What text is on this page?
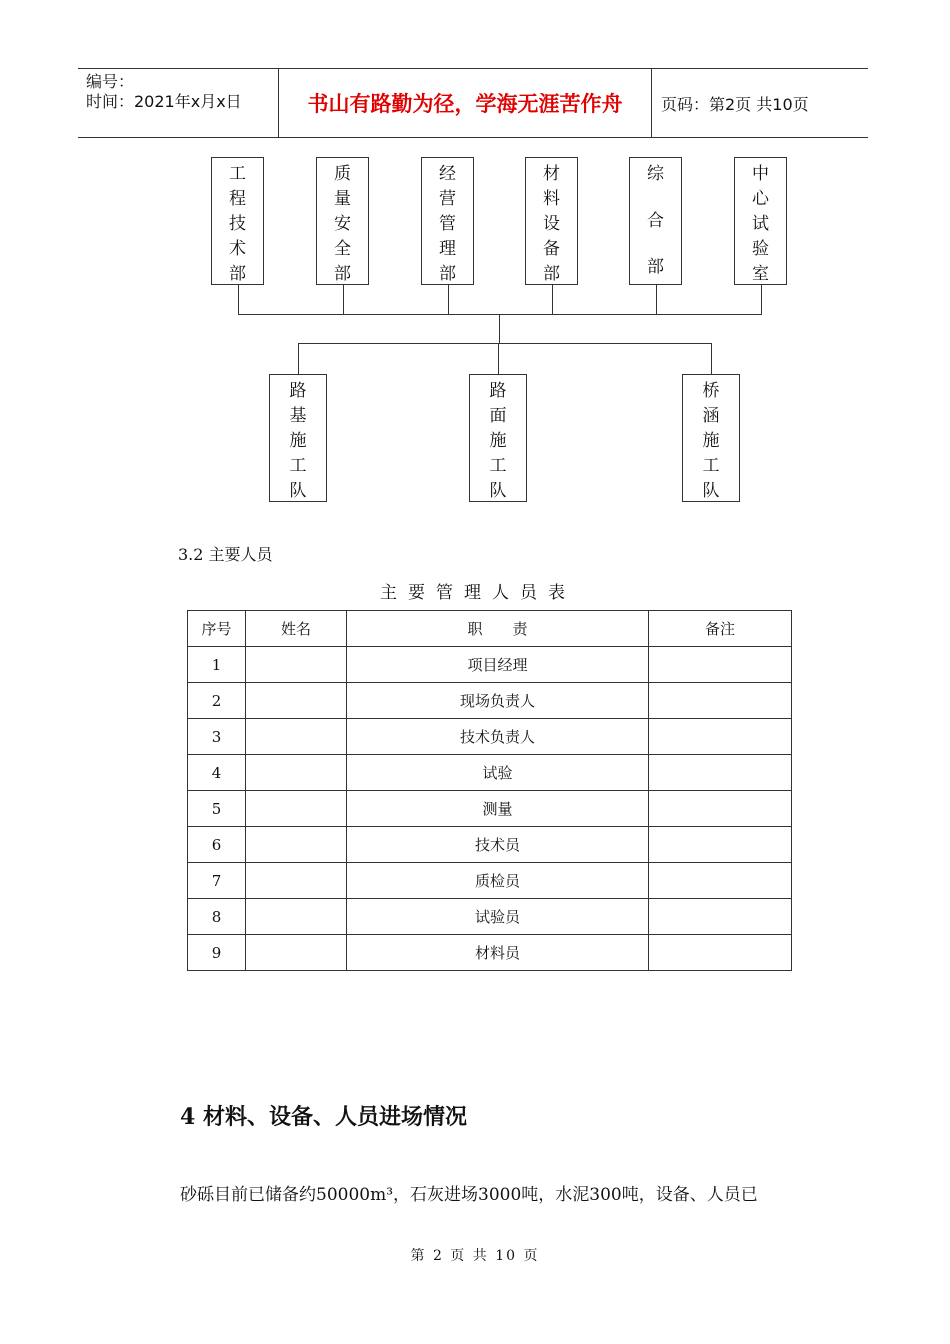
编号：
时间：2021年x月x日	书山有路勤为径，学海无涯苦作舟	页码：第2页 共10页
工
程
技
术
部
质
量
安
全
部
经
营
管
理
部
材
料
设
备
部
综
合
部
中
心
试
验
室
路
基
施
工
队
路
面
施
工
队
桥
涵
施
工
队
3.2 主要人员
主要管理人员表
序号	姓名	职　　责	备注
1		项目经理	
2		现场负责人	
3		技术负责人	
4		试验	
5		测量	
6		技术员	
7		质检员	
8		试验员	
9		材料员	
4 材料、设备、人员进场情况
砂砾目前已储备约50000m³，石灰进场3000吨，水泥300吨，设备、人员已
第 2 页 共 10 页
